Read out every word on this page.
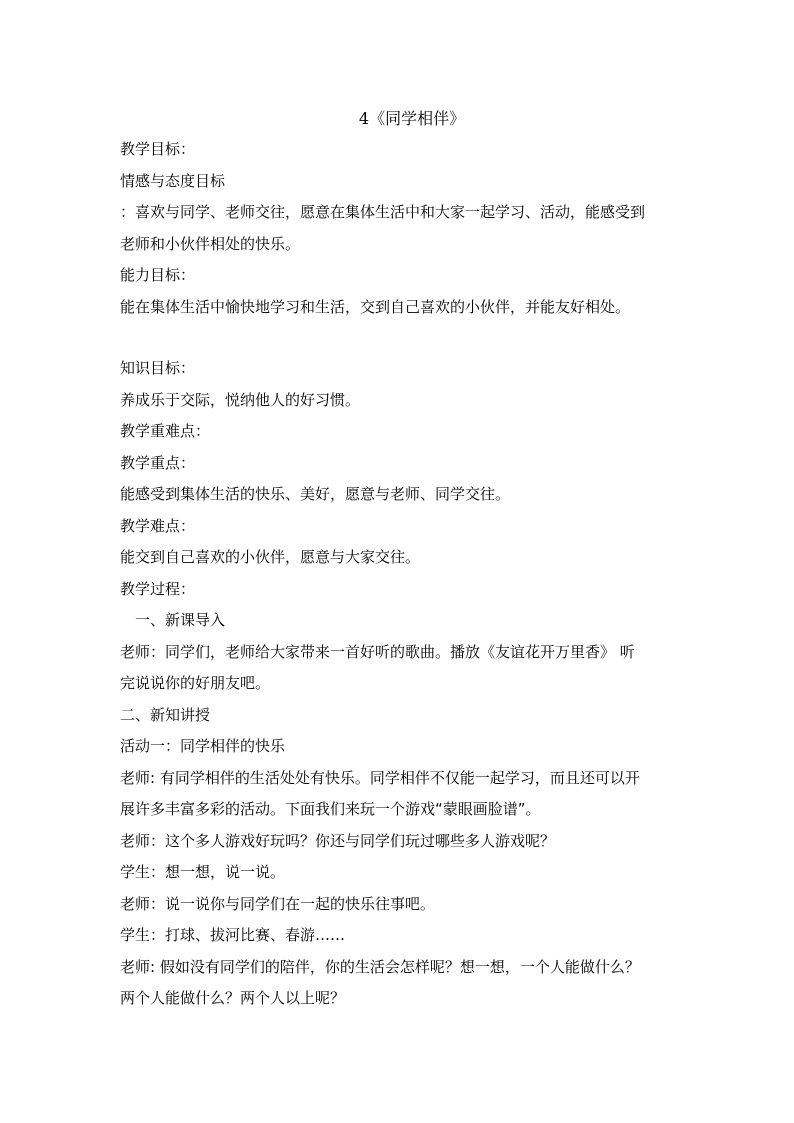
4《同学相伴》
教学目标：
情感与态度目标
：喜欢与同学、老师交往，愿意在集体生活中和大家一起学习、活动，能感受到
老师和小伙伴相处的快乐。
能力目标：
能在集体生活中愉快地学习和生活，交到自己喜欢的小伙伴，并能友好相处。
知识目标：
养成乐于交际，悦纳他人的好习惯。
教学重难点：
教学重点：
能感受到集体生活的快乐、美好，愿意与老师、同学交往。
教学难点：
能交到自己喜欢的小伙伴，愿意与大家交往。
教学过程：
一、新课导入
老师：同学们，老师给大家带来一首好听的歌曲。播放《友谊花开万里香》 听
完说说你的好朋友吧。
二、新知讲授
活动一：同学相伴的快乐
老师: 有同学相伴的生活处处有快乐。同学相伴不仅能一起学习，而且还可以开
展许多丰富多彩的活动。下面我们来玩一个游戏“蒙眼画脸谱”。
老师：这个多人游戏好玩吗？你还与同学们玩过哪些多人游戏呢？
学生：想一想，说一说。
老师：说一说你与同学们在一起的快乐往事吧。
学生：打球、拔河比赛、春游……
老师: 假如没有同学们的陪伴，你的生活会怎样呢？想一想，一个人能做什么？
两个人能做什么？两个人以上呢？
